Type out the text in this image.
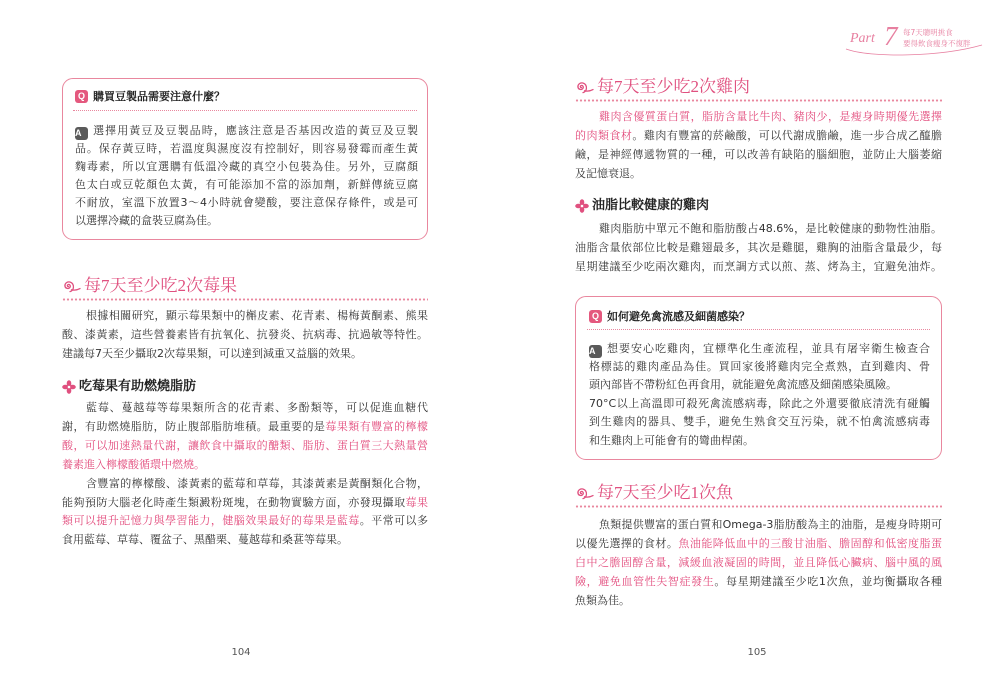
Q 購買豆製品需要注意什麼？
A 選擇用黃豆及豆製品時，應該注意是否基因改造的黃豆及豆製
品。保存黃豆時，若溫度與濕度沒有控制好，則容易發霉而產生黃
麴毒素，所以宜選購有低溫冷藏的真空小包裝為佳。另外，豆腐顏
色太白或豆乾顏色太黃，有可能添加不當的添加劑，新鮮傳統豆腐
不耐放，室溫下放置3～4小時就會變酸，要注意保存條件，或是可
以選擇冷藏的盒裝豆腐為佳。
每7天至少吃2次莓果
根據相關研究，顯示莓果類中的槲皮素、花青素、楊梅黃酮素、熊果
酸、漆黃素，這些營養素皆有抗氧化、抗發炎、抗病毒、抗過敏等特性。
建議每7天至少攝取2次莓果類，可以達到減重又益腦的效果。
吃莓果有助燃燒脂肪
藍莓、蔓越莓等莓果類所含的花青素、多酚類等，可以促進血糖代
謝，有助燃燒脂肪，防止腹部脂肪堆積。最重要的是莓果類有豐富的檸檬
酸，可以加速熱量代謝，讓飲食中攝取的醣類、脂肪、蛋白質三大熱量營
養素進入檸檬酸循環中燃燒。
含豐富的檸檬酸、漆黃素的藍莓和草莓，其漆黃素是黃酮類化合物，
能夠預防大腦老化時產生類澱粉斑塊，在動物實驗方面，亦發現攝取莓果
類可以提升記憶力與學習能力，健腦效果最好的莓果是藍莓。平常可以多
食用藍莓、草莓、覆盆子、黑醋栗、蔓越莓和桑葚等莓果。
104
Part 7 每7天聰明挑食
要得飲食瘦身不復胖
每7天至少吃2次雞肉
雞肉含優質蛋白質，脂肪含量比牛肉、豬肉少，是瘦身時期優先選擇
的肉類食材。雞肉有豐富的菸鹼酸，可以代謝成膽鹼，進一步合成乙醯膽
鹼，是神經傳遞物質的一種，可以改善有缺陷的腦細胞，並防止大腦萎縮
及記憶衰退。
油脂比較健康的雞肉
雞肉脂肪中單元不飽和脂肪酸占48.6%，是比較健康的動物性油脂。
油脂含量依部位比較是雞翅最多，其次是雞腿，雞胸的油脂含量最少，每
星期建議至少吃兩次雞肉，而烹調方式以煎、蒸、烤為主，宜避免油炸。
Q 如何避免禽流感及細菌感染？
A 想要安心吃雞肉，宜標準化生產流程，並具有屠宰衛生檢查合
格標誌的雞肉產品為佳。買回家後將雞肉完全煮熟，直到雞肉、骨
頭內部皆不帶粉紅色再食用，就能避免禽流感及細菌感染風險。
70°C以上高溫即可殺死禽流感病毒，除此之外還要徹底清洗有碰觸
到生雞肉的器具、雙手，避免生熟食交互污染，就不怕禽流感病毒
和生雞肉上可能會有的彎曲桿菌。
每7天至少吃1次魚
魚類提供豐富的蛋白質和Omega-3脂肪酸為主的油脂，是瘦身時期可
以優先選擇的食材。魚油能降低血中的三酸甘油脂、膽固醇和低密度脂蛋
白中之膽固醇含量，減緩血液凝固的時間，並且降低心臟病、腦中風的風
險，避免血管性失智症發生。每星期建議至少吃1次魚，並均衡攝取各種
魚類為佳。
105
